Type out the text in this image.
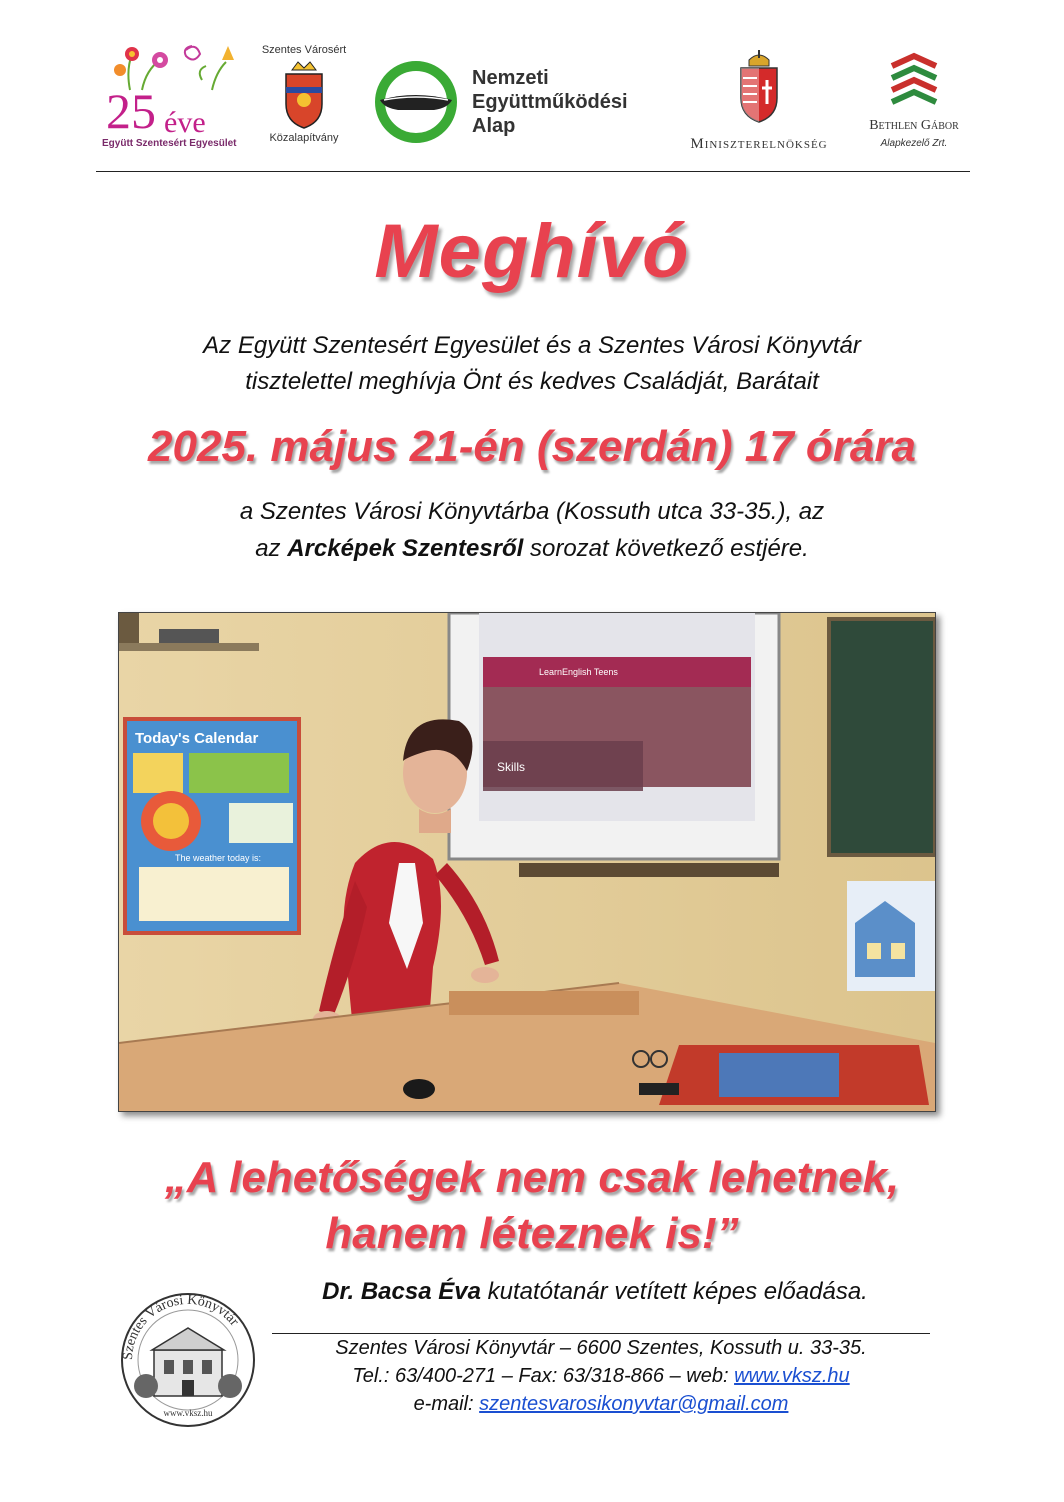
25 éve
Együtt Szentesért Egyesület
Szentes Városért
Közalapítvány
Nemzeti
Együttműködési
Alap
Miniszterelnökség
Bethlen Gábor
Alapkezelő Zrt.
Meghívó
Az Együtt Szentesért Egyesület és a Szentes Városi Könyvtár
tisztelettel meghívja Önt és kedves Családját, Barátait
2025. május 21-én (szerdán) 17 órára
a Szentes Városi Könyvtárba (Kossuth utca 33-35.), az
az Arcképek Szentesről sorozat következő estjére.
Skills
LearnEnglish Teens
Today's Calendar
The weather today is:
„A lehetőségek nem csak lehetnek,
hanem léteznek is!”
Dr. Bacsa Éva kutatótanár vetített képes előadása.
Szentes Városi Könyvtár
www.vksz.hu
Szentes Városi Könyvtár – 6600 Szentes, Kossuth u. 33-35.
Tel.: 63/400-271 – Fax: 63/318-866 – web: www.vksz.hu
e-mail: szentesvarosikonyvtar@gmail.com
